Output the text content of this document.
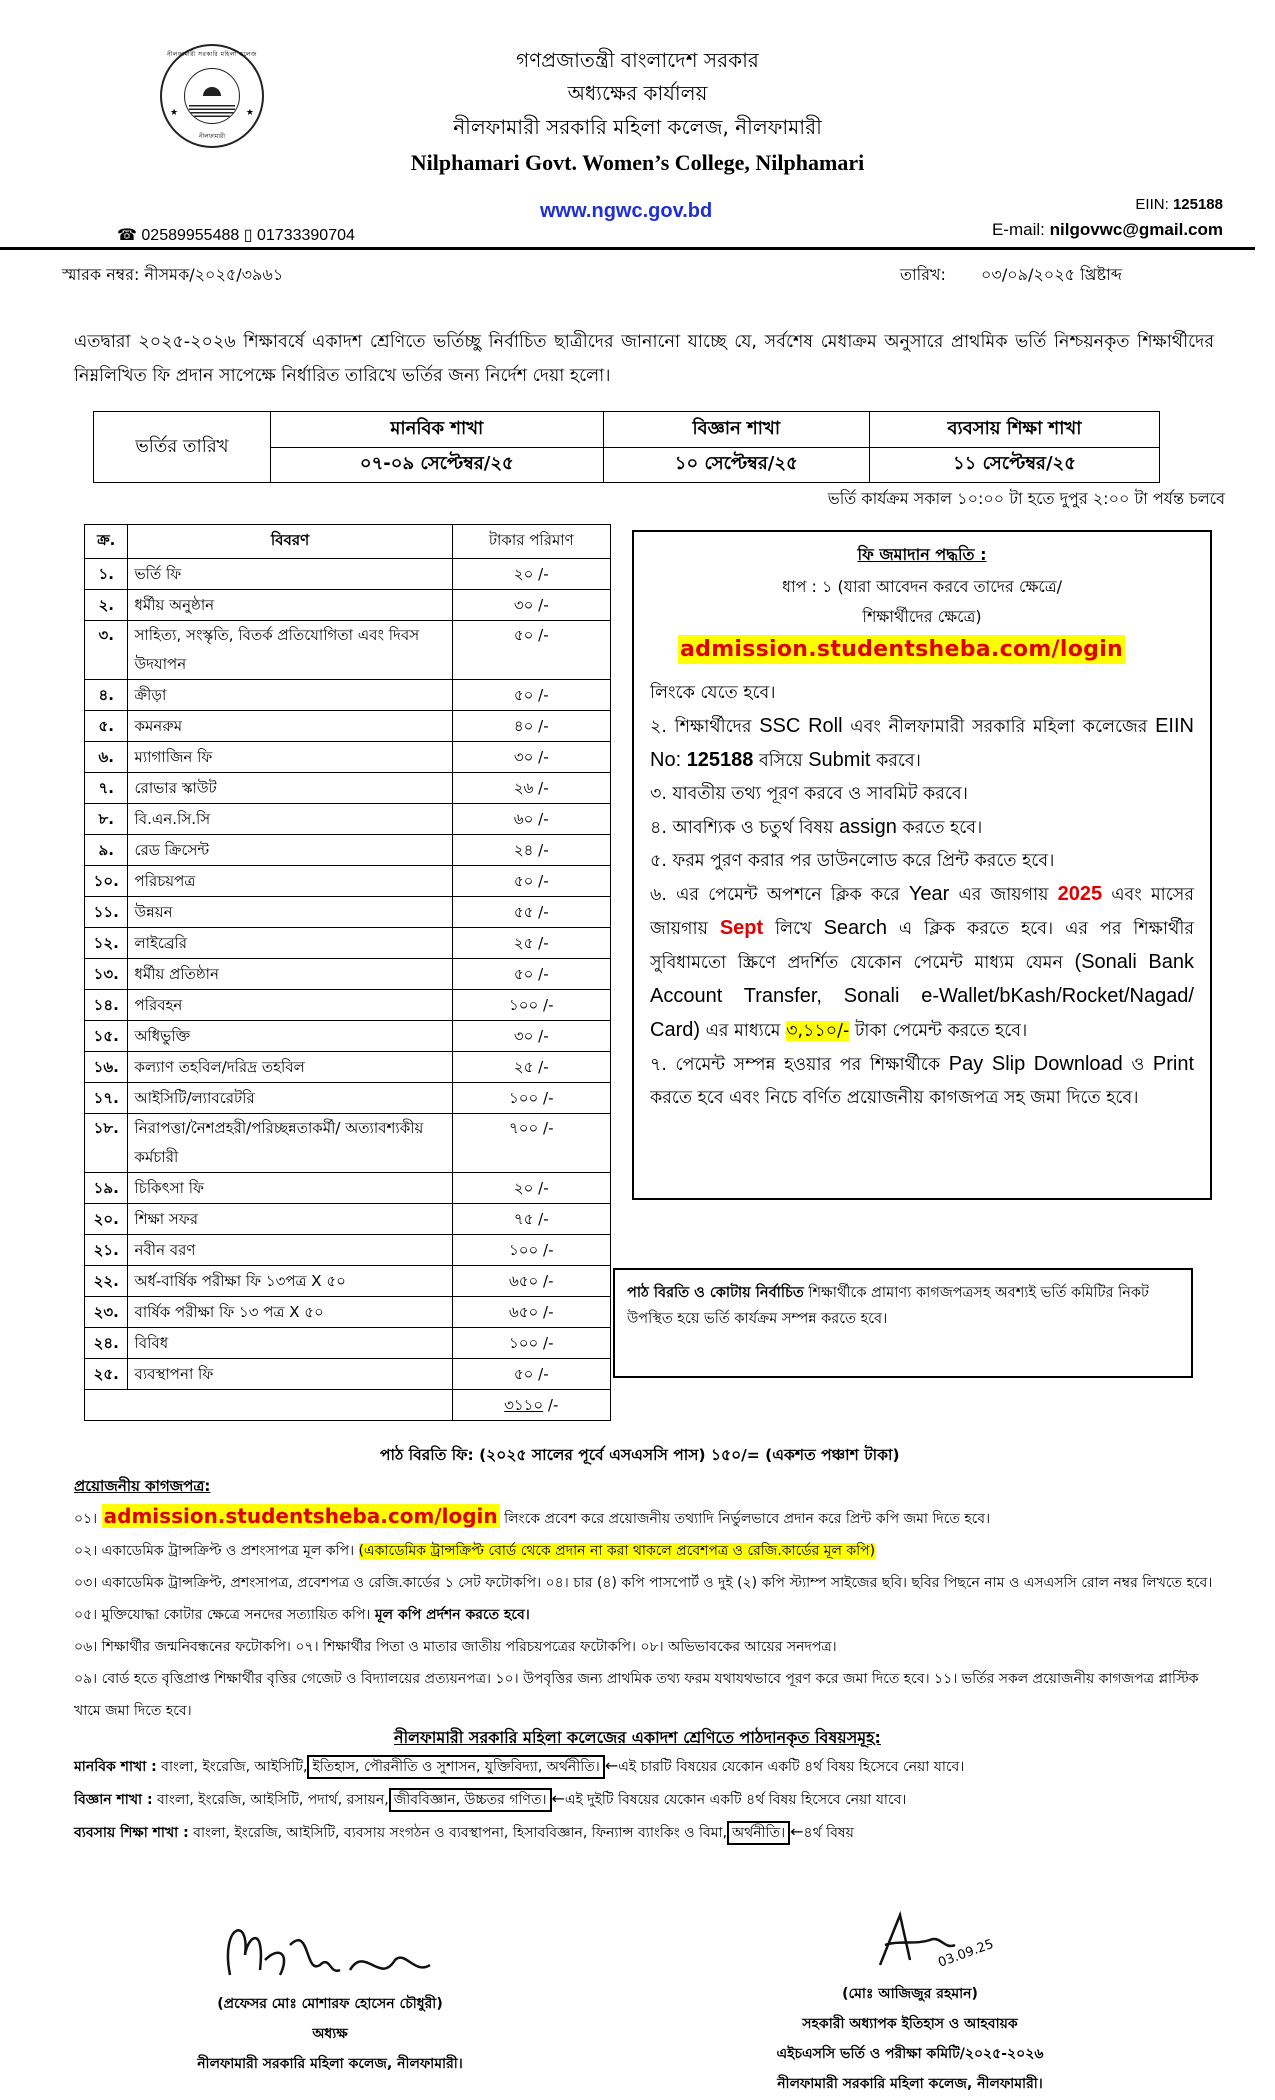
নীলফামারী সরকারি মহিলা কলেজ
★	★
নীলফামারী
গণপ্রজাতন্ত্রী বাংলাদেশ সরকার
অধ্যক্ষের কার্যালয়
নীলফামারী সরকারি মহিলা কলেজ, নীলফামারী
Nilphamari Govt. Women’s College, Nilphamari
www.ngwc.gov.bd	EIIN: 125188
E-mail: nilgovwc@gmail.com
☎ 02589955488 ▯ 01733390704
স্মারক নম্বর: নীসমক/২০২৫/৩৯৬১	তারিখ: ০৩/০৯/২০২৫ খ্রিষ্টাব্দ
এতদ্বারা ২০২৫-২০২৬ শিক্ষাবর্ষে একাদশ শ্রেণিতে ভর্তিচ্ছু নির্বাচিত ছাত্রীদের জানানো যাচ্ছে যে, সর্বশেষ মেধাক্রম অনুসারে প্রাথমিক ভর্তি নিশ্চয়নকৃত শিক্ষার্থীদের নিম্নলিখিত ফি প্রদান সাপেক্ষে নির্ধারিত তারিখে ভর্তির জন্য নির্দেশ দেয়া হলো।
ভর্তির তারিখ	মানবিক শাখা	বিজ্ঞান শাখা	ব্যবসায় শিক্ষা শাখা
	০৭-০৯ সেপ্টেম্বর/২৫	১০ সেপ্টেম্বর/২৫	১১ সেপ্টেম্বর/২৫
ভর্তি কার্যক্রম সকাল ১০:০০ টা হতে দুপুর ২:০০ টা পর্যন্ত চলবে
ক্র.	বিবরণ	টাকার পরিমাণ
১.	ভর্তি ফি	২০ /-
২.	ধর্মীয় অনুষ্ঠান	৩০ /-
৩.	সাহিত্য, সংস্কৃতি, বিতর্ক প্রতিযোগিতা এবং দিবস উদযাপন	৫০ /-
৪.	ক্রীড়া	৫০ /-
৫.	কমনরুম	৪০ /-
৬.	ম্যাগাজিন ফি	৩০ /-
৭.	রোভার স্কাউট	২৬ /-
৮.	বি.এন.সি.সি	৬০ /-
৯.	রেড ক্রিসেন্ট	২৪ /-
১০.	পরিচয়পত্র	৫০ /-
১১.	উন্নয়ন	৫৫ /-
১২.	লাইব্রেরি	২৫ /-
১৩.	ধর্মীয় প্রতিষ্ঠান	৫০ /-
১৪.	পরিবহন	১০০ /-
১৫.	অধিভুক্তি	৩০ /-
১৬.	কল্যাণ তহবিল/দরিদ্র তহবিল	২৫ /-
১৭.	আইসিটি/ল্যাবরেটরি	১০০ /-
১৮.	নিরাপত্তা/নৈশপ্রহরী/পরিচ্ছন্নতাকর্মী/ অত্যাবশ্যকীয় কর্মচারী	৭০০ /-
১৯.	চিকিৎসা ফি	২০ /-
২০.	শিক্ষা সফর	৭৫ /-
২১.	নবীন বরণ	১০০ /-
২২.	অর্ধ-বার্ষিক পরীক্ষা ফি ১৩পত্র X ৫০	৬৫০ /-
২৩.	বার্ষিক পরীক্ষা ফি ১৩ পত্র X ৫০	৬৫০ /-
২৪.	বিবিধ	১০০ /-
২৫.	ব্যবস্থাপনা ফি	৫০ /-
		৩১১০ /-
ফি জমাদান পদ্ধতি :
ধাপ : ১ (যারা আবেদন করবে তাদের ক্ষেত্রে/
শিক্ষার্থীদের ক্ষেত্রে)
admission.studentsheba.com/login
লিংকে যেতে হবে।
২. শিক্ষার্থীদের SSC Roll এবং নীলফামারী সরকারি মহিলা কলেজের EIIN No: 125188 বসিয়ে Submit করবে।
৩. যাবতীয় তথ্য পূরণ করবে ও সাবমিট করবে।
৪. আবশ্যিক ও চতুর্থ বিষয় assign করতে হবে।
৫. ফরম পুরণ করার পর ডাউনলোড করে প্রিন্ট করতে হবে।
৬. এর পেমেন্ট অপশনে ক্লিক করে Year এর জায়গায় 2025 এবং মাসের জায়গায় Sept লিখে Search এ ক্লিক করতে হবে। এর পর শিক্ষার্থীর সুবিধামতো স্ক্রিণে প্রদর্শিত যেকোন পেমেন্ট মাধ্যম যেমন (Sonali Bank Account Transfer, Sonali e-Wallet/bKash/Rocket/Nagad/ Card) এর মাধ্যমে ৩,১১০/- টাকা পেমেন্ট করতে হবে।
৭. পেমেন্ট সম্পন্ন হওয়ার পর শিক্ষার্থীকে Pay Slip Download ও Print করতে হবে এবং নিচে বর্ণিত প্রয়োজনীয় কাগজপত্র সহ জমা দিতে হবে।
পাঠ বিরতি ও কোটায় নির্বাচিত শিক্ষার্থীকে প্রামাণ্য কাগজপত্রসহ অবশ্যই ভর্তি কমিটির নিকট উপস্থিত হয়ে ভর্তি কার্যক্রম সম্পন্ন করতে হবে।
পাঠ বিরতি ফি: (২০২৫ সালের পূর্বে এসএসসি পাস) ১৫০/= (একশত পঞ্চাশ টাকা)
প্রয়োজনীয় কাগজপত্র:
০১। admission.studentsheba.com/login লিংকে প্রবেশ করে প্রয়োজনীয় তথ্যাদি নির্ভুলভাবে প্রদান করে প্রিন্ট কপি জমা দিতে হবে।
০২। একাডেমিক ট্রান্সক্রিপ্ট ও প্রশংসাপত্র মূল কপি। (একাডেমিক ট্রান্সক্রিপ্ট বোর্ড থেকে প্রদান না করা থাকলে প্রবেশপত্র ও রেজি.কার্ডের মূল কপি)
০৩। একাডেমিক ট্রান্সক্রিপ্ট, প্রশংসাপত্র, প্রবেশপত্র ও রেজি.কার্ডের ১ সেট ফটোকপি। ০৪। চার (৪) কপি পাসপোর্ট ও দুই (২) কপি স্ট্যাম্প সাইজের ছবি। ছবির পিছনে নাম ও এসএসসি রোল নম্বর লিখতে হবে। ০৫। মুক্তিযোদ্ধা কোটার ক্ষেত্রে সনদের সত্যায়িত কপি। মূল কপি প্রর্দশন করতে হবে।
০৬। শিক্ষার্থীর জন্মনিবন্ধনের ফটোকপি। ০৭। শিক্ষার্থীর পিতা ও মাতার জাতীয় পরিচয়পত্রের ফটোকপি। ০৮। অভিভাবকের আয়ের সনদপত্র।
০৯। বোর্ড হতে বৃত্তিপ্রাপ্ত শিক্ষার্থীর বৃত্তির গেজেট ও বিদ্যালয়ের প্রত্যয়নপত্র। ১০। উপবৃত্তির জন্য প্রাথমিক তথ্য ফরম যথাযথভাবে পূরণ করে জমা দিতে হবে। ১১। ভর্তির সকল প্রয়োজনীয় কাগজপত্র প্লাস্টিক খামে জমা দিতে হবে।
নীলফামারী সরকারি মহিলা কলেজের একাদশ শ্রেণিতে পাঠদানকৃত বিষয়সমূহ:
মানবিক শাখা : বাংলা, ইংরেজি, আইসিটি, ইতিহাস, পৌরনীতি ও সুশাসন, যুক্তিবিদ্যা, অর্থনীতি। ←এই চারটি বিষয়ের যেকোন একটি ৪র্থ বিষয় হিসেবে নেয়া যাবে।
বিজ্ঞান শাখা : বাংলা, ইংরেজি, আইসিটি, পদার্থ, রসায়ন, জীববিজ্ঞান, উচ্চতর গণিত। ←এই দুইটি বিষয়ের যেকোন একটি ৪র্থ বিষয় হিসেবে নেয়া যাবে।
ব্যবসায় শিক্ষা শাখা : বাংলা, ইংরেজি, আইসিটি, ব্যবসায় সংগঠন ও ব্যবস্থাপনা, হিসাববিজ্ঞান, ফিন্যান্স ব্যাংকিং ও বিমা, অর্থনীতি। ←৪র্থ বিষয়
(প্রফেসর মোঃ মোশারফ হোসেন চৌধুরী)
অধ্যক্ষ
নীলফামারী সরকারি মহিলা কলেজ, নীলফামারী।
03.09.25
(মোঃ আজিজুর রহমান)
সহকারী অধ্যাপক ইতিহাস ও আহবায়ক
এইচএসসি ভর্তি ও পরীক্ষা কমিটি/২০২৫-২০২৬
নীলফামারী সরকারি মহিলা কলেজ, নীলফামারী।
